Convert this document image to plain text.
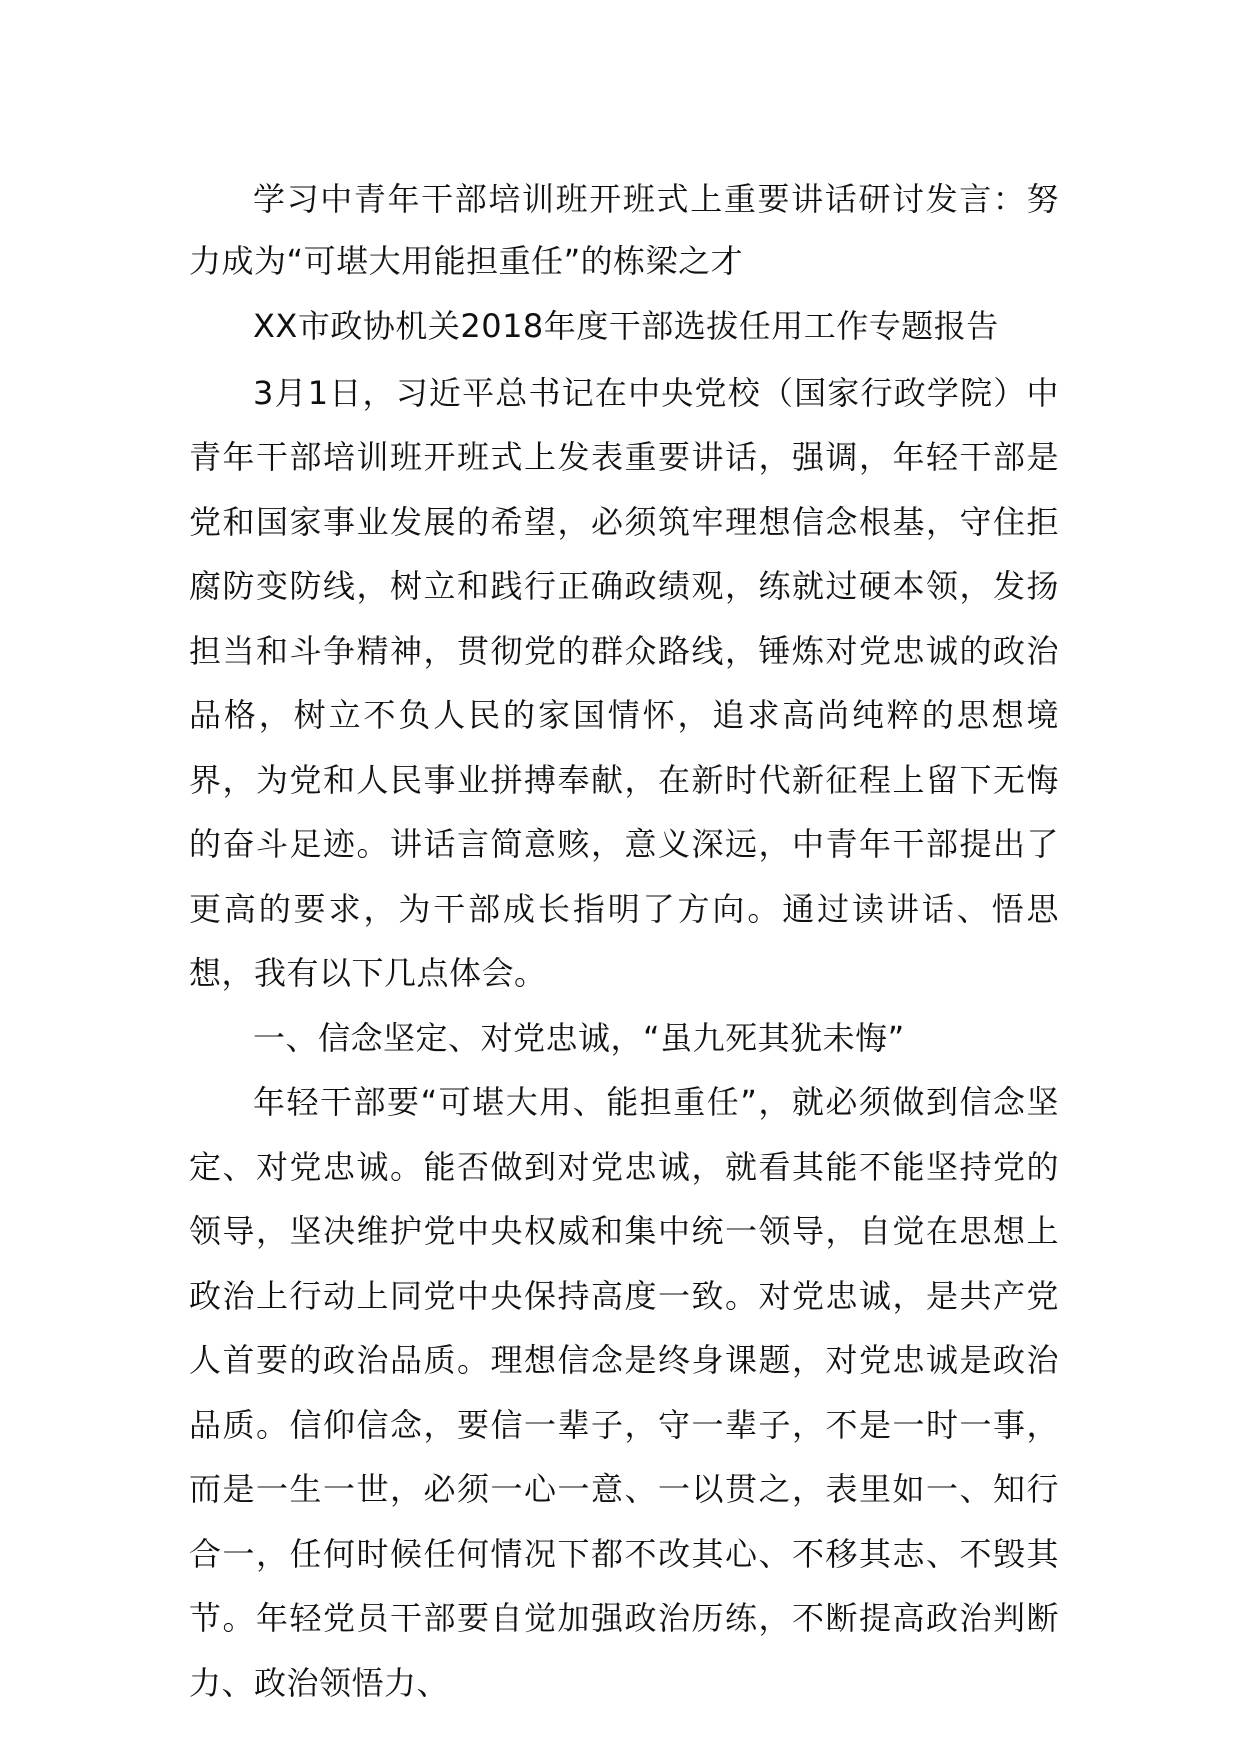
学习中青年干部培训班开班式上重要讲话研讨发言：努力成为“可堪大用能担重任”的栋梁之才

XX市政协机关2018年度干部选拔任用工作专题报告

3月1日，习近平总书记在中央党校（国家行政学院）中青年干部培训班开班式上发表重要讲话，强调，年轻干部是党和国家事业发展的希望，必须筑牢理想信念根基，守住拒腐防变防线，树立和践行正确政绩观，练就过硬本领，发扬担当和斗争精神，贯彻党的群众路线，锤炼对党忠诚的政治品格，树立不负人民的家国情怀，追求高尚纯粹的思想境界，为党和人民事业拼搏奉献，在新时代新征程上留下无悔的奋斗足迹。讲话言简意赅，意义深远，中青年干部提出了更高的要求，为干部成长指明了方向。通过读讲话、悟思想，我有以下几点体会。

一、信念坚定、对党忠诚，“虽九死其犹未悔”

年轻干部要“可堪大用、能担重任”，就必须做到信念坚定、对党忠诚。能否做到对党忠诚，就看其能不能坚持党的领导，坚决维护党中央权威和集中统一领导，自觉在思想上政治上行动上同党中央保持高度一致。对党忠诚，是共产党人首要的政治品质。理想信念是终身课题，对党忠诚是政治品质。信仰信念，要信一辈子，守一辈子，不是一时一事，而是一生一世，必须一心一意、一以贯之，表里如一、知行合一，任何时候任何情况下都不改其心、不移其志、不毁其节。年轻党员干部要自觉加强政治历练，不断提高政治判断力、政治领悟力、
